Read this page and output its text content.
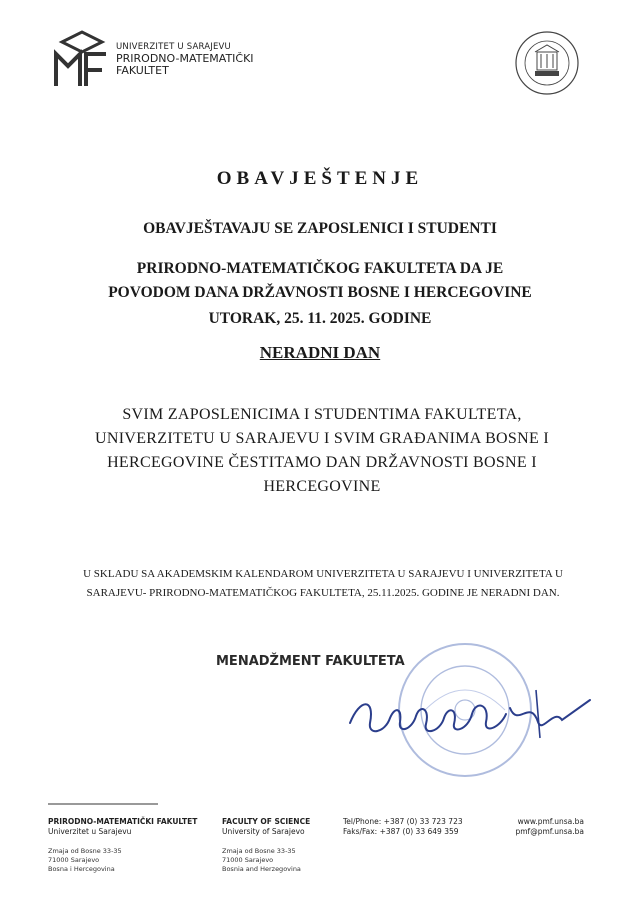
UNIVERZITET U SARAJEVU
PRIRODNO-MATEMATIČKI
FAKULTET
OBAVJEŠTENJE
OBAVJEŠTAVAJU SE ZAPOSLENICI I STUDENTI
PRIRODNO-MATEMATIČKOG FAKULTETA DA JE
POVODOM DANA DRŽAVNOSTI BOSNE I HERCEGOVINE
UTORAK, 25. 11. 2025. GODINE
NERADNI DAN
SVIM ZAPOSLENICIMA I STUDENTIMA FAKULTETA,
UNIVERZITETU U SARAJEVU I SVIM GRAĐANIMA BOSNE I
HERCEGOVINE ČESTITAMO DAN DRŽAVNOSTI BOSNE I
HERCEGOVINE
U SKLADU SA AKADEMSKIM KALENDAROM UNIVERZITETA U SARAJEVU I UNIVERZITETA U
SARAJEVU- PRIRODNO-MATEMATIČKOG FAKULTETA, 25.11.2025. GODINE JE NERADNI DAN.
MENADŽMENT FAKULTETA
PRIRODNO-MATEMATIČKI FAKULTET
Univerzitet u Sarajevu
Zmaja od Bosne 33-35
71000 Sarajevo
Bosna i Hercegovina
FACULTY OF SCIENCE
University of Sarajevo
Zmaja od Bosne 33-35
71000 Sarajevo
Bosnia and Herzegovina
Tel/Phone: +387 (0) 33 723 723
Faks/Fax: +387 (0) 33 649 359
www.pmf.unsa.ba
pmf@pmf.unsa.ba
